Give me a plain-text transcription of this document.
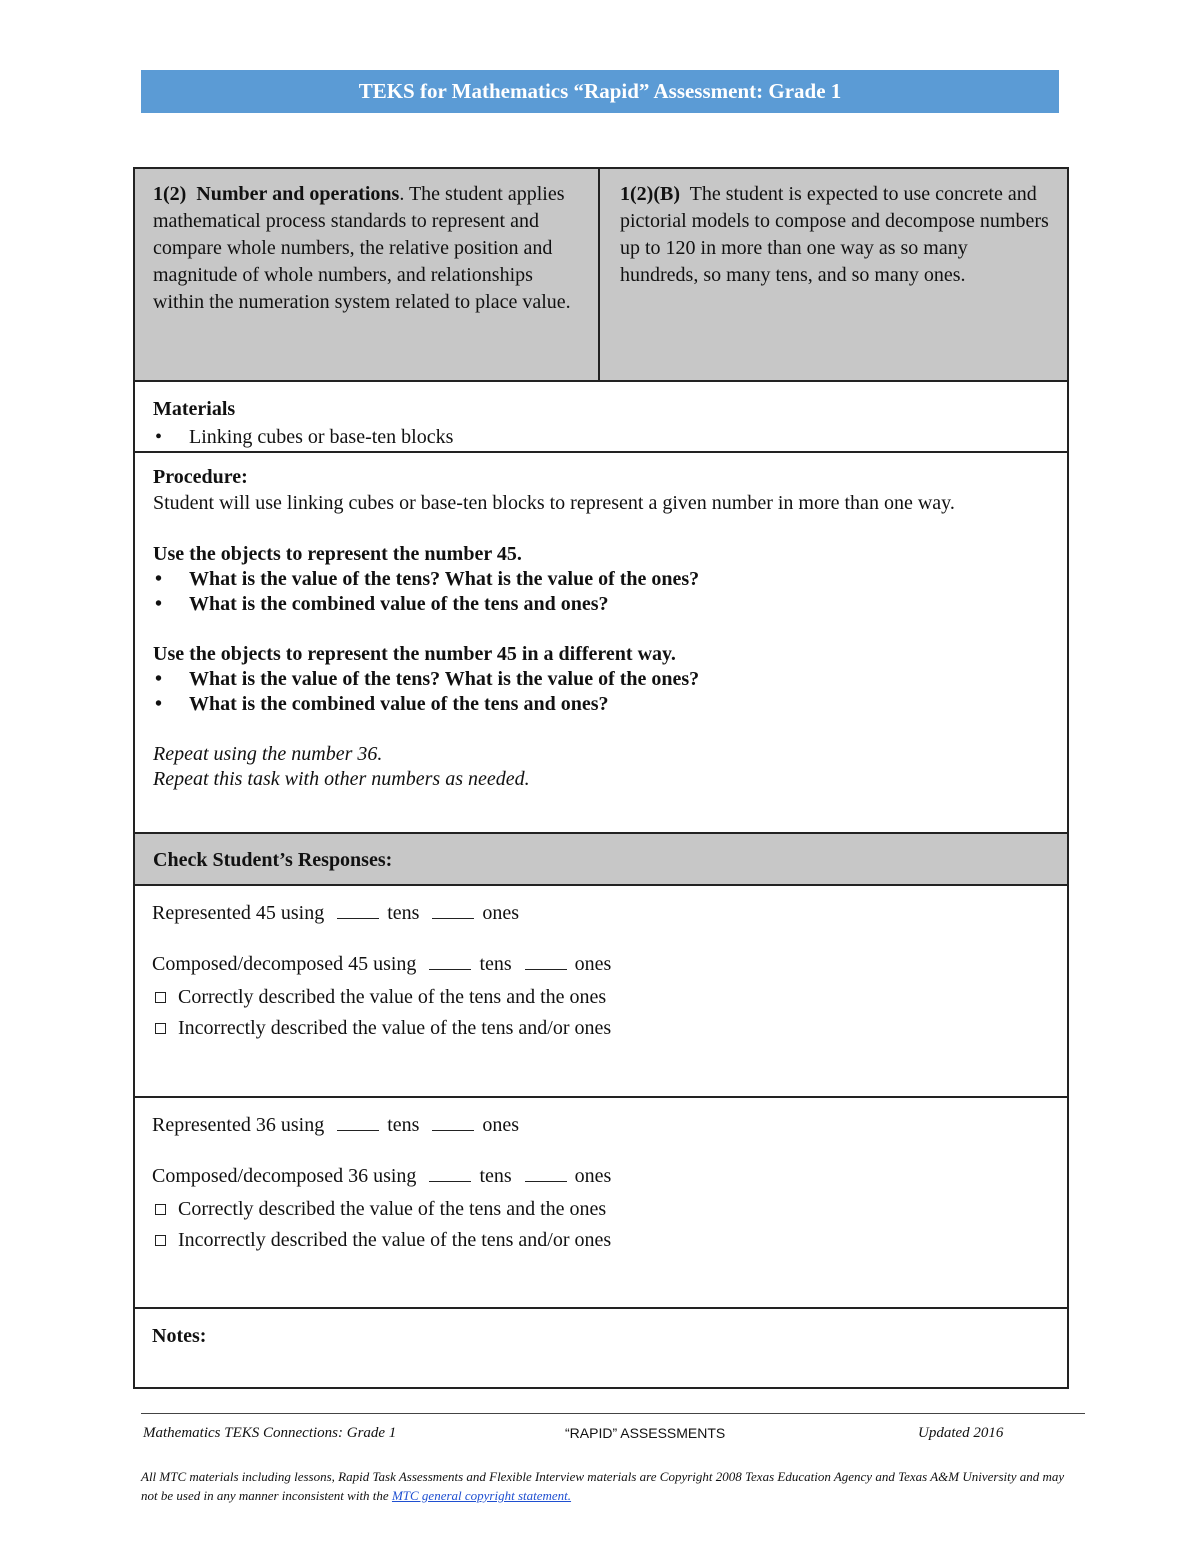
TEKS for Mathematics “Rapid” Assessment: Grade 1
1(2) Number and operations. The student applies mathematical process standards to represent and compare whole numbers, the relative position and magnitude of whole numbers, and relationships within the numeration system related to place value.
1(2)(B) The student is expected to use concrete and pictorial models to compose and decompose numbers up to 120 in more than one way as so many hundreds, so many tens, and so many ones.
Materials
•	Linking cubes or base-ten blocks
Procedure:
Student will use linking cubes or base-ten blocks to represent a given number in more than one way.
Use the objects to represent the number 45.
•	What is the value of the tens? What is the value of the ones?
•	What is the combined value of the tens and ones?
Use the objects to represent the number 45 in a different way.
•	What is the value of the tens? What is the value of the ones?
•	What is the combined value of the tens and ones?
Repeat using the number 36.
Repeat this task with other numbers as needed.
Check Student’s Responses:
Represented 45 using	tens	ones
Composed/decomposed 45 using	tens	ones
Correctly described the value of the tens and the ones
Incorrectly described the value of the tens and/or ones
Represented 36 using	tens	ones
Composed/decomposed 36 using	tens	ones
Correctly described the value of the tens and the ones
Incorrectly described the value of the tens and/or ones
Notes:
Mathematics TEKS Connections: Grade 1	“RAPID” ASSESSMENTS	Updated 2016
All MTC materials including lessons, Rapid Task Assessments and Flexible Interview materials are Copyright 2008 Texas Education Agency and Texas A&M University and may not be used in any manner inconsistent with the MTC general copyright statement.
